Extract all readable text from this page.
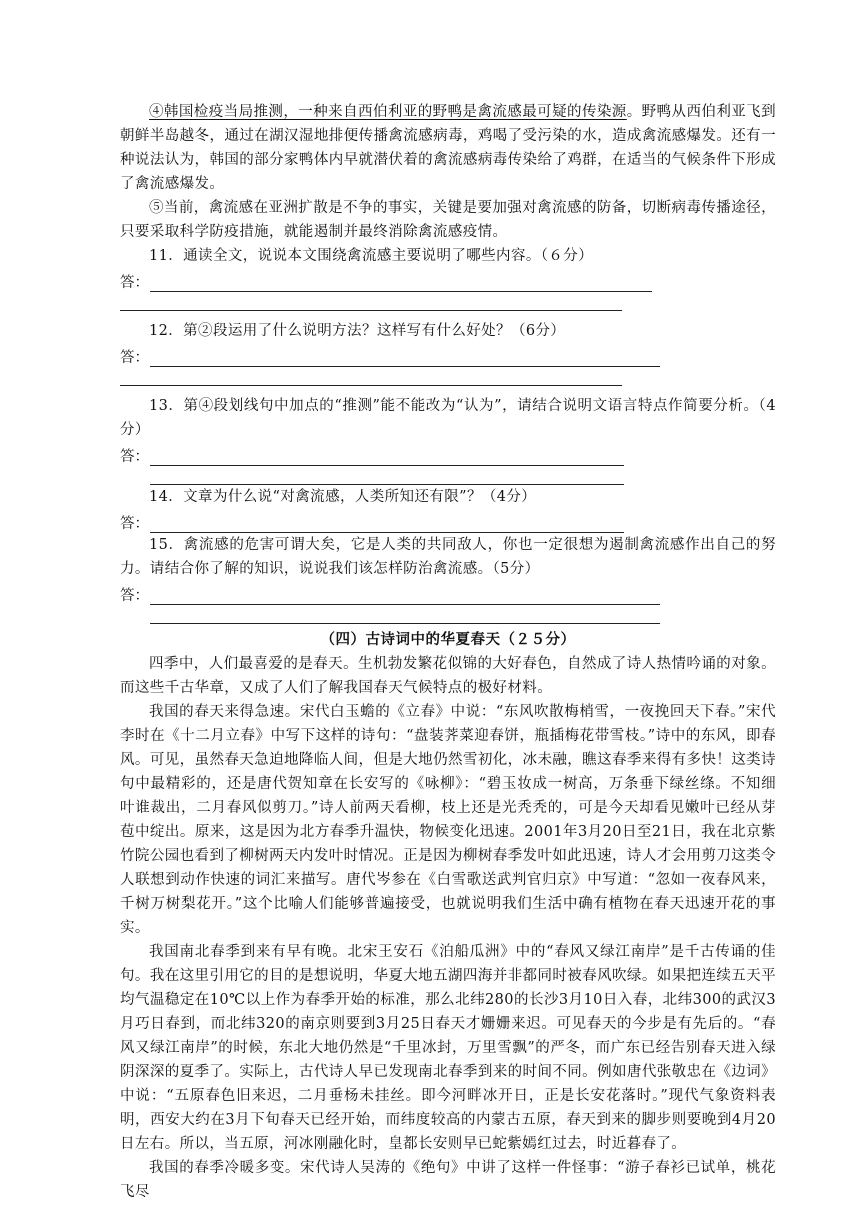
④韩国检疫当局推测，一种来自西伯利亚的野鸭是禽流感最可疑的传染源。野鸭从西伯利亚飞到朝鲜半岛越冬，通过在湖汉湿地排便传播禽流感病毒，鸡喝了受污染的水，造成禽流感爆发。还有一种说法认为，韩国的部分家鸭体内早就潜伏着的禽流感病毒传染给了鸡群，在适当的气候条件下形成了禽流感爆发。

⑤当前，禽流感在亚洲扩散是不争的事实，关键是要加强对禽流感的防备，切断病毒传播途径，只要采取科学防疫措施，就能遏制并最终消除禽流感疫情。

11．通读全文，说说本文围绕禽流感主要说明了哪些内容。（６分）

答：

12．第②段运用了什么说明方法？这样写有什么好处？（6分）

答：

13．第④段划线句中加点的“推测”能不能改为“认为”，请结合说明文语言特点作简要分析。（4分）

答：

14．文章为什么说“对禽流感，人类所知还有限”？（4分）

答：

15．禽流感的危害可谓大矣，它是人类的共同敌人，你也一定很想为遏制禽流感作出自己的努力。请结合你了解的知识，说说我们该怎样防治禽流感。（5分）

答：
（四）古诗词中的华夏春天（２５分）

四季中，人们最喜爱的是春天。生机勃发繁花似锦的大好春色，自然成了诗人热情吟诵的对象。而这些千古华章，又成了人们了解我国春天气候特点的极好材料。

我国的春天来得急速。宋代白玉蟾的《立春》中说：“东风吹散梅梢雪，一夜挽回天下春。”宋代李时在《十二月立春》中写下这样的诗句：“盘装荠菜迎春饼，瓶插梅花带雪枝。”诗中的东风，即春风。可见，虽然春天急迫地降临人间，但是大地仍然雪初化，冰未融，瞧这春季来得有多快！这类诗句中最精彩的，还是唐代贺知章在长安写的《咏柳》：“碧玉妆成一树高，万条垂下绿丝绦。不知细叶谁裁出，二月春风似剪刀。”诗人前两天看柳，枝上还是光秃秃的，可是今天却看见嫩叶已经从芽苞中绽出。原来，这是因为北方春季升温快，物候变化迅速。2001年3月20日至21日，我在北京紫竹院公园也看到了柳树两天内发叶时情况。正是因为柳树春季发叶如此迅速，诗人才会用剪刀这类令人联想到动作快速的词汇来描写。唐代岑参在《白雪歌送武判官归京》中写道：“忽如一夜春风来，千树万树梨花开。”这个比喻人们能够普遍接受，也就说明我们生活中确有植物在春天迅速开花的事实。

我国南北春季到来有早有晚。北宋王安石《泊船瓜洲》中的“春风又绿江南岸”是千古传诵的佳句。我在这里引用它的目的是想说明，华夏大地五湖四海并非都同时被春风吹绿。如果把连续五天平均气温稳定在10℃以上作为春季开始的标准，那么北纬280的长沙3月10日入春，北纬300的武汉3月巧日春到，而北纬320的南京则要到3月25日春天才姗姗来迟。可见春天的今步是有先后的。“春风又绿江南岸”的时候，东北大地仍然是“千里冰封，万里雪飘”的严冬，而广东已经告别春天进入绿阴深深的夏季了。实际上，古代诗人早已发现南北春季到来的时间不同。例如唐代张敬忠在《边词》中说：“五原春色旧来迟，二月垂杨未挂丝。即今河畔冰开日，正是长安花落时。”现代气象资料表明，西安大约在3月下旬春天已经开始，而纬度较高的内蒙古五原，春天到来的脚步则要晚到4月20日左右。所以，当五原，河冰刚融化时，皇都长安则早已蛇紫嫣红过去，时近暮春了。

我国的春季冷暖多变。宋代诗人吴涛的《绝句》中讲了这样一件怪事：“游子春衫已试单，桃花飞尽
